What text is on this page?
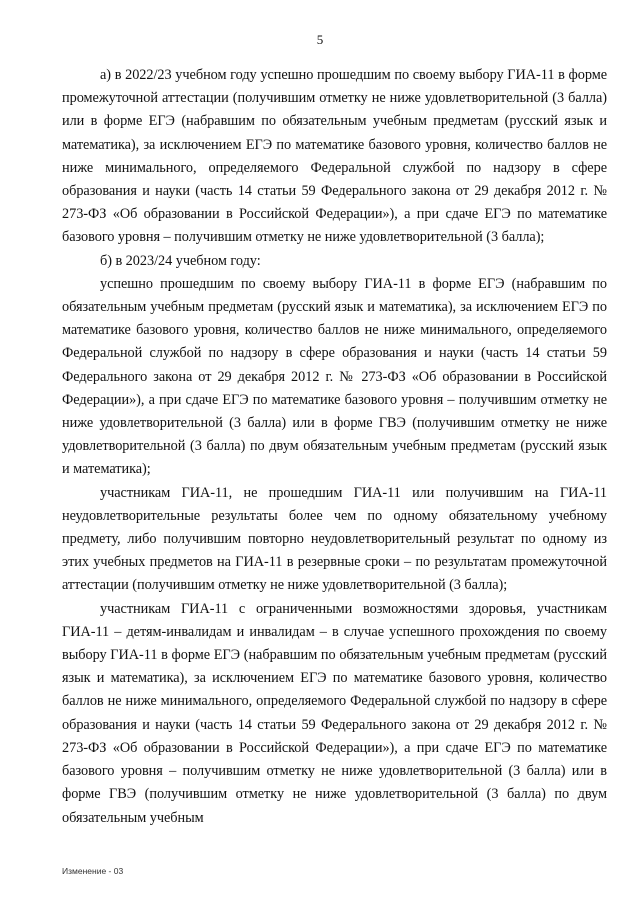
5

а) в 2022/23 учебном году успешно прошедшим по своему выбору ГИА-11 в форме промежуточной аттестации (получившим отметку не ниже удовлетворительной (3 балла) или в форме ЕГЭ (набравшим по обязательным учебным предметам (русский язык и математика), за исключением ЕГЭ по математике базового уровня, количество баллов не ниже минимального, определяемого Федеральной службой по надзору в сфере образования и науки (часть 14 статьи 59 Федерального закона от 29 декабря 2012 г. № 273-ФЗ «Об образовании в Российской Федерации»), а при сдаче ЕГЭ по математике базового уровня – получившим отметку не ниже удовлетворительной (3 балла);

б) в 2023/24 учебном году:

успешно прошедшим по своему выбору ГИА-11 в форме ЕГЭ (набравшим по обязательным учебным предметам (русский язык и математика), за исключением ЕГЭ по математике базового уровня, количество баллов не ниже минимального, определяемого Федеральной службой по надзору в сфере образования и науки (часть 14 статьи 59 Федерального закона от 29 декабря 2012 г. № 273-ФЗ «Об образовании в Российской Федерации»), а при сдаче ЕГЭ по математике базового уровня – получившим отметку не ниже удовлетворительной (3 балла) или в форме ГВЭ (получившим отметку не ниже удовлетворительной (3 балла) по двум обязательным учебным предметам (русский язык и математика);

участникам ГИА-11, не прошедшим ГИА-11 или получившим на ГИА-11 неудовлетворительные результаты более чем по одному обязательному учебному предмету, либо получившим повторно неудовлетворительный результат по одному из этих учебных предметов на ГИА-11 в резервные сроки – по результатам промежуточной аттестации (получившим отметку не ниже удовлетворительной (3 балла);

участникам ГИА-11 с ограниченными возможностями здоровья, участникам ГИА-11 – детям-инвалидам и инвалидам – в случае успешного прохождения по своему выбору ГИА-11 в форме ЕГЭ (набравшим по обязательным учебным предметам (русский язык и математика), за исключением ЕГЭ по математике базового уровня, количество баллов не ниже минимального, определяемого Федеральной службой по надзору в сфере образования и науки (часть 14 статьи 59 Федерального закона от 29 декабря 2012 г. № 273-ФЗ «Об образовании в Российской Федерации»), а при сдаче ЕГЭ по математике базового уровня – получившим отметку не ниже удовлетворительной (3 балла) или в форме ГВЭ (получившим отметку не ниже удовлетворительной (3 балла) по двум обязательным учебным

Изменение - 03
